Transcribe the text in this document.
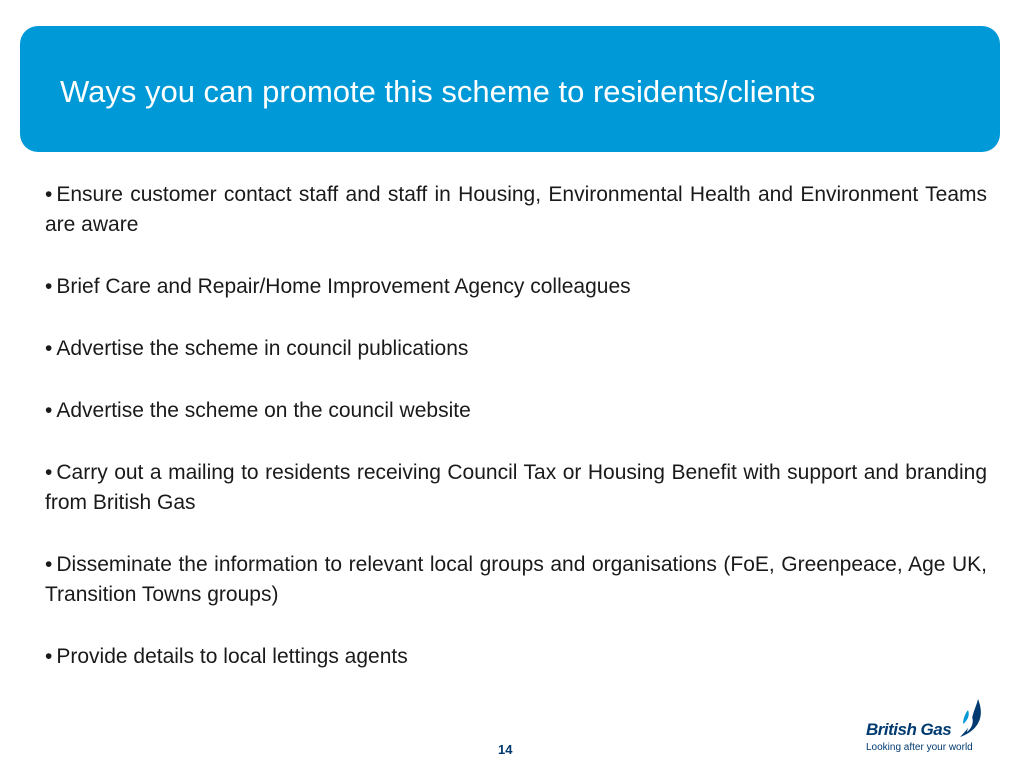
Ways you can promote this scheme to residents/clients
• Ensure customer contact staff and staff in Housing, Environmental Health and Environment Teams are aware
• Brief Care and Repair/Home Improvement Agency colleagues
• Advertise the scheme in council publications
• Advertise the scheme on the council website
• Carry out a mailing to residents receiving Council Tax or Housing Benefit with support and branding from British Gas
• Disseminate the information to relevant local groups and organisations (FoE, Greenpeace, Age UK, Transition Towns groups)
• Provide details to local lettings agents
14
British Gas
Looking after your world
